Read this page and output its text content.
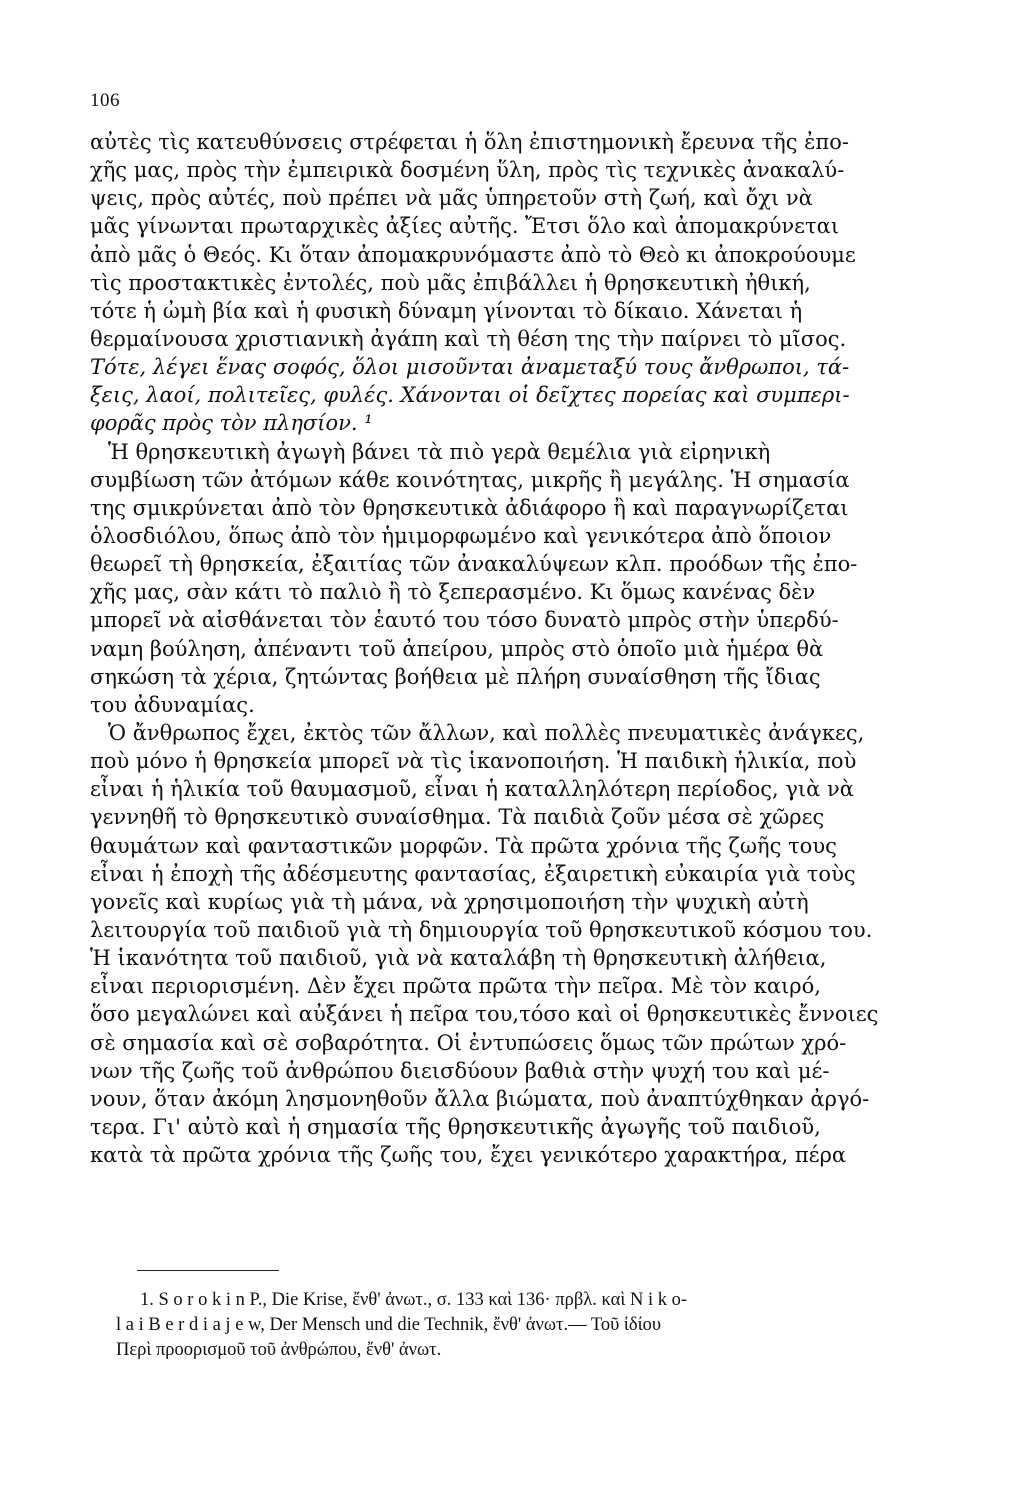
106
αὐτὲς τὶς κατευθύνσεις στρέφεται ἡ ὅλη ἐπιστημονικὴ ἔρευνα τῆς ἐπο-
χῆς μας, πρὸς τὴν ἐμπειρικὰ δοσμένη ὕλη, πρὸς τὶς τεχνικὲς ἀνακαλύ-
ψεις, πρὸς αὐτές, ποὺ πρέπει νὰ μᾶς ὑπηρετοῦν στὴ ζωή, καὶ ὄχι νὰ
μᾶς γίνωνται πρωταρχικὲς ἀξίες αὐτῆς. Ἔτσι ὅλο καὶ ἀπομακρύνεται
ἀπὸ μᾶς ὁ Θεός. Κι ὅταν ἀπομακρυνόμαστε ἀπὸ τὸ Θεὸ κι ἀποκρούουμε
τὶς προστακτικὲς ἐντολές, ποὺ μᾶς ἐπιβάλλει ἡ θρησκευτικὴ ἠθική,
τότε ἡ ὠμὴ βία καὶ ἡ φυσικὴ δύναμη γίνονται τὸ δίκαιο. Χάνεται ἡ
θερμαίνουσα χριστιανικὴ ἀγάπη καὶ τὴ θέση της τὴν παίρνει τὸ μῖσος.
Τότε, λέγει ἕνας σοφός, ὅλοι μισοῦνται ἀναμεταξύ τους ἄνθρωποι, τά-
ξεις, λαοί, πολιτεῖες, φυλές. Χάνονται οἱ δεῖχτες πορείας καὶ συμπερι-
φορᾶς πρὸς τὸν πλησίον. ¹
Ἡ θρησκευτικὴ ἀγωγὴ βάνει τὰ πιὸ γερὰ θεμέλια γιὰ εἰρηνικὴ
συμβίωση τῶν ἀτόμων κάθε κοινότητας, μικρῆς ἢ μεγάλης. Ἡ σημασία
της σμικρύνεται ἀπὸ τὸν θρησκευτικὰ ἀδιάφορο ἢ καὶ παραγνωρίζεται
ὁλοσδιόλου, ὅπως ἀπὸ τὸν ἡμιμορφωμένο καὶ γενικότερα ἀπὸ ὅποιον
θεωρεῖ τὴ θρησκεία, ἐξαιτίας τῶν ἀνακαλύψεων κλπ. προόδων τῆς ἐπο-
χῆς μας, σὰν κάτι τὸ παλιὸ ἢ τὸ ξεπερασμένο. Κι ὅμως κανένας δὲν
μπορεῖ νὰ αἰσθάνεται τὸν ἑαυτό του τόσο δυνατὸ μπρὸς στὴν ὑπερδύ-
ναμη βούληση, ἀπέναντι τοῦ ἀπείρου, μπρὸς στὸ ὁποῖο μιὰ ἡμέρα θὰ
σηκώση τὰ χέρια, ζητώντας βοήθεια μὲ πλήρη συναίσθηση τῆς ἴδιας
του ἀδυναμίας.
Ὁ ἄνθρωπος ἔχει, ἐκτὸς τῶν ἄλλων, καὶ πολλὲς πνευματικὲς ἀνάγκες,
ποὺ μόνο ἡ θρησκεία μπορεῖ νὰ τὶς ἱκανοποιήση. Ἡ παιδικὴ ἡλικία, ποὺ
εἶναι ἡ ἡλικία τοῦ θαυμασμοῦ, εἶναι ἡ καταλληλότερη περίοδος, γιὰ νὰ
γεννηθῆ τὸ θρησκευτικὸ συναίσθημα. Τὰ παιδιὰ ζοῦν μέσα σὲ χῶρες
θαυμάτων καὶ φανταστικῶν μορφῶν. Τὰ πρῶτα χρόνια τῆς ζωῆς τους
εἶναι ἡ ἐποχὴ τῆς ἀδέσμευτης φαντασίας, ἐξαιρετικὴ εὐκαιρία γιὰ τοὺς
γονεῖς καὶ κυρίως γιὰ τὴ μάνα, νὰ χρησιμοποιήση τὴν ψυχικὴ αὐτὴ
λειτουργία τοῦ παιδιοῦ γιὰ τὴ δημιουργία τοῦ θρησκευτικοῦ κόσμου του.
Ἡ ἱκανότητα τοῦ παιδιοῦ, γιὰ νὰ καταλάβη τὴ θρησκευτικὴ ἀλήθεια,
εἶναι περιορισμένη. Δὲν ἔχει πρῶτα πρῶτα τὴν πεῖρα. Μὲ τὸν καιρό,
ὅσο μεγαλώνει καὶ αὐξάνει ἡ πεῖρα του,τόσο καὶ οἱ θρησκευτικὲς ἔννοιες
σὲ σημασία καὶ σὲ σοβαρότητα. Οἱ ἐντυπώσεις ὅμως τῶν πρώτων χρό-
νων τῆς ζωῆς τοῦ ἀνθρώπου διεισδύουν βαθιὰ στὴν ψυχή του καὶ μέ-
νουν, ὅταν ἀκόμη λησμονηθοῦν ἄλλα βιώματα, ποὺ ἀναπτύχθηκαν ἀργό-
τερα. Γι' αὐτὸ καὶ ἡ σημασία τῆς θρησκευτικῆς ἀγωγῆς τοῦ παιδιοῦ,
κατὰ τὰ πρῶτα χρόνια τῆς ζωῆς του, ἔχει γενικότερο χαρακτήρα, πέρα
1. S o r o k i n P., Die Krise, ἔνθ' ἀνωτ., σ. 133 καὶ 136· πρβλ. καὶ N i k o-
l a i B e r d i a j e w, Der Mensch und die Technik, ἔνθ' ἀνωτ.— Τοῦ ἰδίου
Περὶ προορισμοῦ τοῦ ἀνθρώπου, ἔνθ' ἀνωτ.
